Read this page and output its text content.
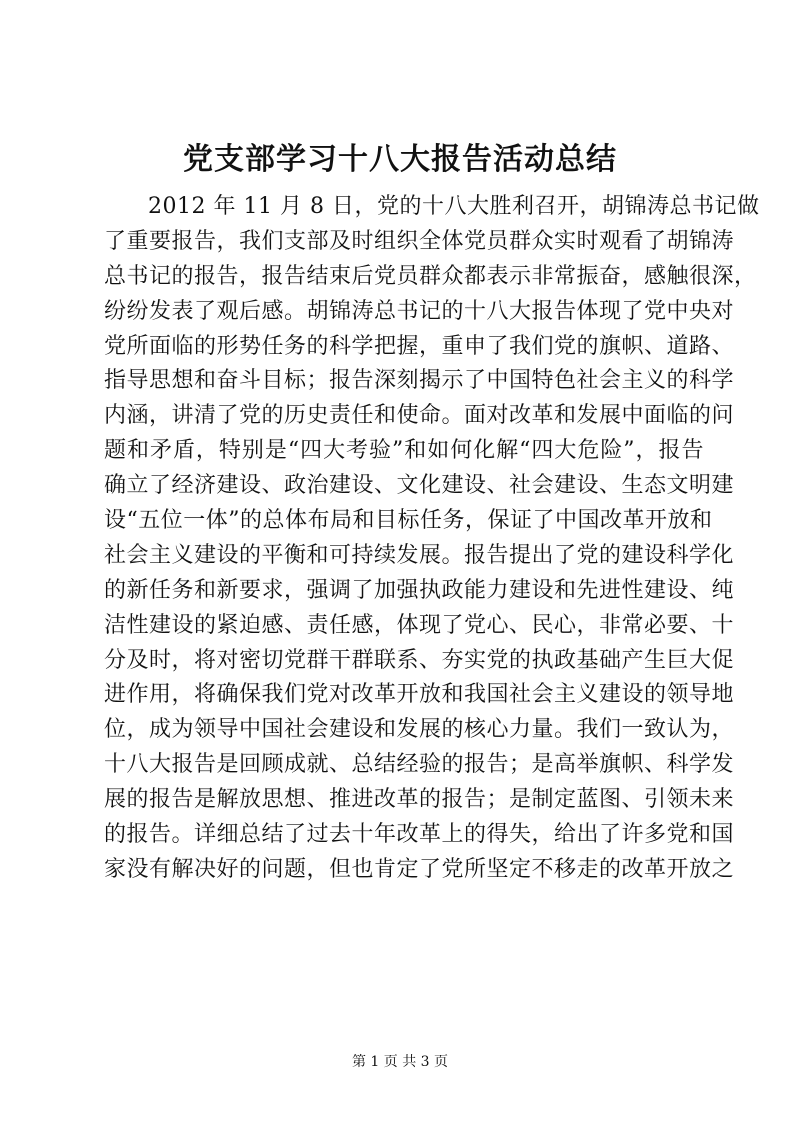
党支部学习十八大报告活动总结
2012 年 11 月 8 日，党的十八大胜利召开，胡锦涛总书记做
了重要报告，我们支部及时组织全体党员群众实时观看了胡锦涛
总书记的报告，报告结束后党员群众都表示非常振奋，感触很深，
纷纷发表了观后感。胡锦涛总书记的十八大报告体现了党中央对
党所面临的形势任务的科学把握，重申了我们党的旗帜、道路、
指导思想和奋斗目标；报告深刻揭示了中国特色社会主义的科学
内涵，讲清了党的历史责任和使命。面对改革和发展中面临的问
题和矛盾，特别是“四大考验”和如何化解“四大危险”，报告
确立了经济建设、政治建设、文化建设、社会建设、生态文明建
设“五位一体”的总体布局和目标任务，保证了中国改革开放和
社会主义建设的平衡和可持续发展。报告提出了党的建设科学化
的新任务和新要求，强调了加强执政能力建设和先进性建设、纯
洁性建设的紧迫感、责任感，体现了党心、民心，非常必要、十
分及时，将对密切党群干群联系、夯实党的执政基础产生巨大促
进作用，将确保我们党对改革开放和我国社会主义建设的领导地
位，成为领导中国社会建设和发展的核心力量。我们一致认为，
十八大报告是回顾成就、总结经验的报告；是高举旗帜、科学发
展的报告是解放思想、推进改革的报告；是制定蓝图、引领未来
的报告。详细总结了过去十年改革上的得失，给出了许多党和国
家没有解决好的问题，但也肯定了党所坚定不移走的改革开放之
第 1 页 共 3 页
